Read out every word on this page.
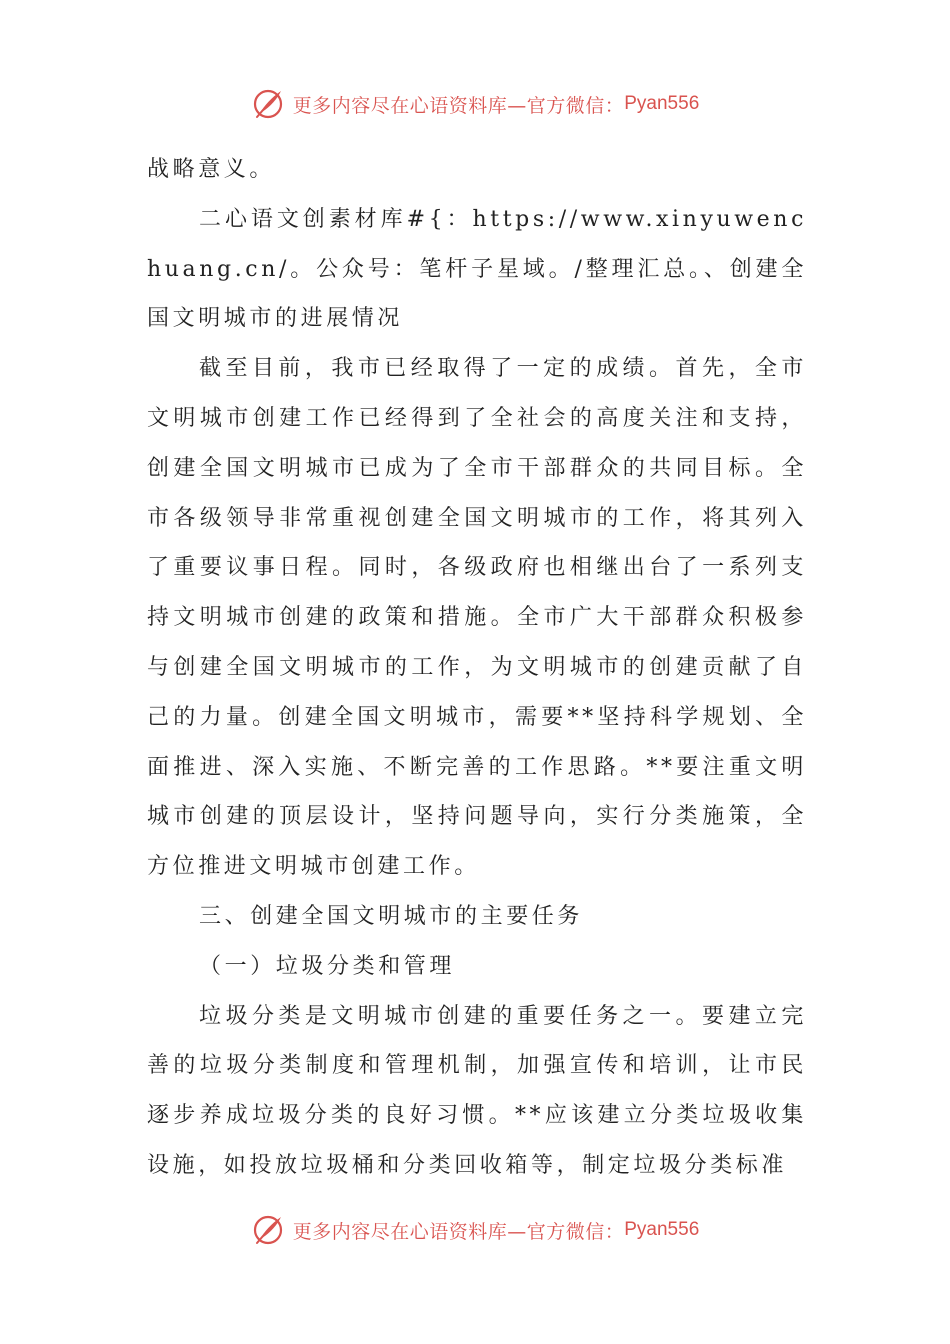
更多内容尽在心语资料库—官方微信： Pyan556

战略意义。

二心语文创素材库#{：https://www.xinyuwenchuang.cn/。公众号：笔杆子星域。/整理汇总。、创建全国文明城市的进展情况

截至目前，我市已经取得了一定的成绩。首先，全市文明城市创建工作已经得到了全社会的高度关注和支持，创建全国文明城市已成为了全市干部群众的共同目标。全市各级领导非常重视创建全国文明城市的工作，将其列入了重要议事日程。同时，各级政府也相继出台了一系列支持文明城市创建的政策和措施。全市广大干部群众积极参与创建全国文明城市的工作，为文明城市的创建贡献了自己的力量。创建全国文明城市，需要**坚持科学规划、全面推进、深入实施、不断完善的工作思路。**要注重文明城市创建的顶层设计，坚持问题导向，实行分类施策，全方位推进文明城市创建工作。

三、创建全国文明城市的主要任务

（一）垃圾分类和管理

垃圾分类是文明城市创建的重要任务之一。要建立完善的垃圾分类制度和管理机制，加强宣传和培训，让市民逐步养成垃圾分类的良好习惯。**应该建立分类垃圾收集设施，如投放垃圾桶和分类回收箱等，制定垃圾分类标准

更多内容尽在心语资料库—官方微信： Pyan556
